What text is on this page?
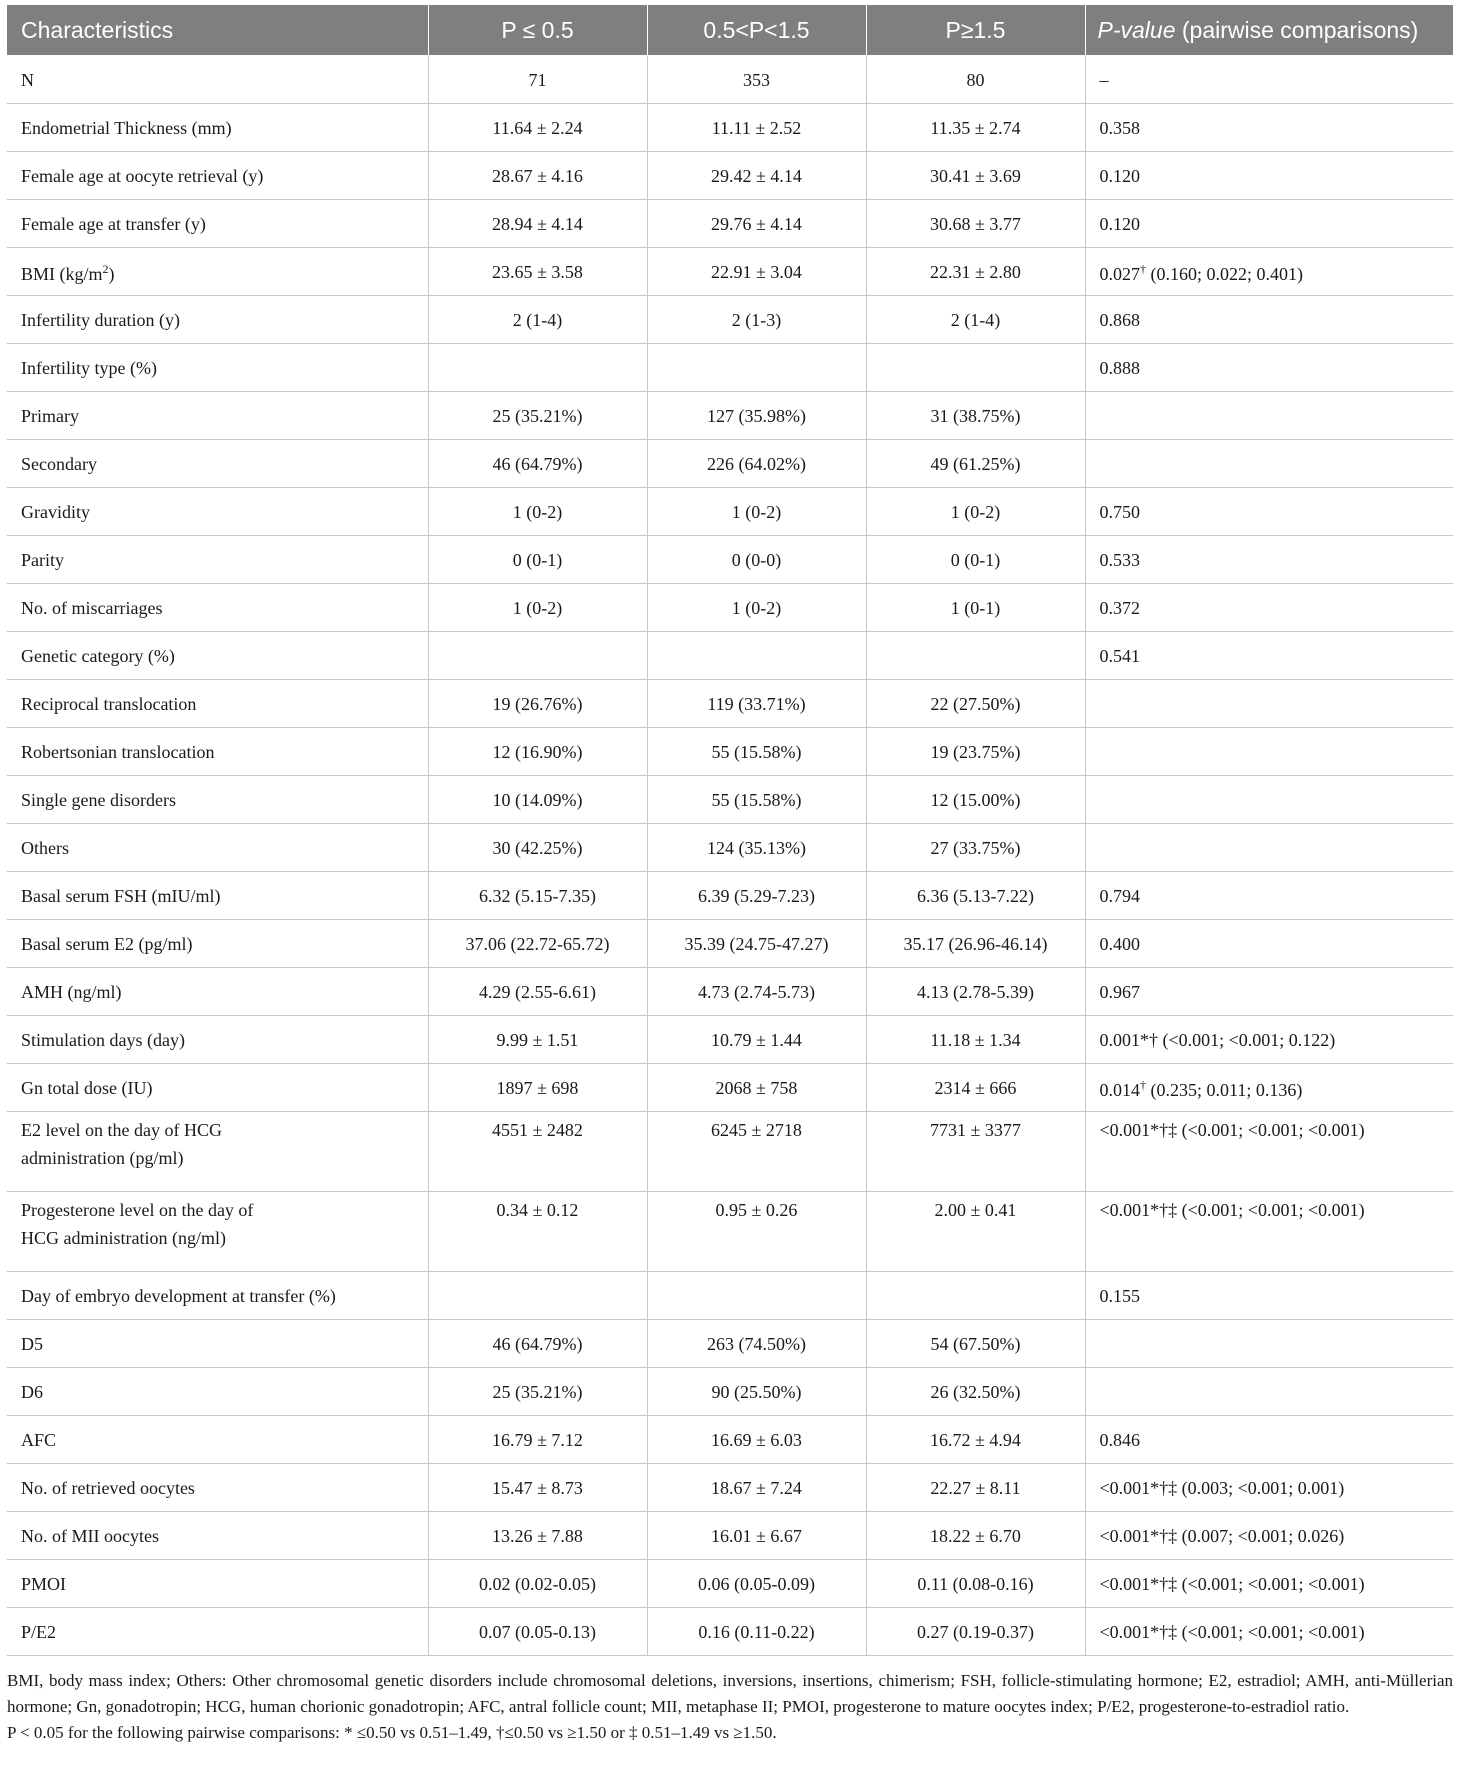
Characteristics	P ≤ 0.5	0.5<P<1.5	P≥1.5	P-value (pairwise comparisons)
N	71	353	80	–
Endometrial Thickness (mm)	11.64 ± 2.24	11.11 ± 2.52	11.35 ± 2.74	0.358
Female age at oocyte retrieval (y)	28.67 ± 4.16	29.42 ± 4.14	30.41 ± 3.69	0.120
Female age at transfer (y)	28.94 ± 4.14	29.76 ± 4.14	30.68 ± 3.77	0.120
BMI $(kg/m^2)$	23.65 ± 3.58	22.91 ± 3.04	22.31 ± 2.80	0.027† (0.160; 0.022; 0.401)
Infertility duration (y)	2 (1-4)	2 (1-3)	2 (1-4)	0.868
Infertility type (%)				0.888
Primary	25 (35.21%)	127 (35.98%)	31 (38.75%)	
Secondary	46 (64.79%)	226 (64.02%)	49 (61.25%)	
Gravidity	1 (0-2)	1 (0-2)	1 (0-2)	0.750
Parity	0 (0-1)	0 (0-0)	0 (0-1)	0.533
No. of miscarriages	1 (0-2)	1 (0-2)	1 (0-1)	0.372
Genetic category (%)				0.541
Reciprocal translocation	19 (26.76%)	119 (33.71%)	22 (27.50%)	
Robertsonian translocation	12 (16.90%)	55 (15.58%)	19 (23.75%)	
Single gene disorders	10 (14.09%)	55 (15.58%)	12 (15.00%)	
Others	30 (42.25%)	124 (35.13%)	27 (33.75%)	
Basal serum FSH (mIU/ml)	6.32 (5.15-7.35)	6.39 (5.29-7.23)	6.36 (5.13-7.22)	0.794
Basal serum E2 (pg/ml)	37.06 (22.72-65.72)	35.39 (24.75-47.27)	35.17 (26.96-46.14)	0.400
AMH (ng/ml)	4.29 (2.55-6.61)	4.73 (2.74-5.73)	4.13 (2.78-5.39)	0.967
Stimulation days (day)	9.99 ± 1.51	10.79 ± 1.44	11.18 ± 1.34	0.001*† (<0.001; <0.001; 0.122)
Gn total dose (IU)	1897 ± 698	2068 ± 758	2314 ± 666	0.014† (0.235; 0.011; 0.136)
E2 level on the day of HCG
administration (pg/ml)	4551 ± 2482	6245 ± 2718	7731 ± 3377	<0.001*†‡ (<0.001; <0.001; <0.001)
Progesterone level on the day of
HCG administration (ng/ml)	0.34 ± 0.12	0.95 ± 0.26	2.00 ± 0.41	<0.001*†‡ (<0.001; <0.001; <0.001)
Day of embryo development at transfer (%)				0.155
D5	46 (64.79%)	263 (74.50%)	54 (67.50%)	
D6	25 (35.21%)	90 (25.50%)	26 (32.50%)	
AFC	16.79 ± 7.12	16.69 ± 6.03	16.72 ± 4.94	0.846
No. of retrieved oocytes	15.47 ± 8.73	18.67 ± 7.24	22.27 ± 8.11	<0.001*†‡ (0.003; <0.001; 0.001)
No. of MII oocytes	13.26 ± 7.88	16.01 ± 6.67	18.22 ± 6.70	<0.001*†‡ (0.007; <0.001; 0.026)
PMOI	0.02 (0.02-0.05)	0.06 (0.05-0.09)	0.11 (0.08-0.16)	<0.001*†‡ (<0.001; <0.001; <0.001)
P/E2	0.07 (0.05-0.13)	0.16 (0.11-0.22)	0.27 (0.19-0.37)	<0.001*†‡ (<0.001; <0.001; <0.001)

BMI, body mass index; Others: Other chromosomal genetic disorders include chromosomal deletions, inversions, insertions, chimerism; FSH, follicle-stimulating hormone; E2, estradiol; AMH, anti-Müllerian hormone; Gn, gonadotropin; HCG, human chorionic gonadotropin; AFC, antral follicle count; MII, metaphase II; PMOI, progesterone to mature oocytes index; P/E2, progesterone-to-estradiol ratio.

P < 0.05 for the following pairwise comparisons: * ≤0.50 vs 0.51–1.49, †≤0.50 vs ≥1.50 or ‡ 0.51–1.49 vs ≥1.50.
